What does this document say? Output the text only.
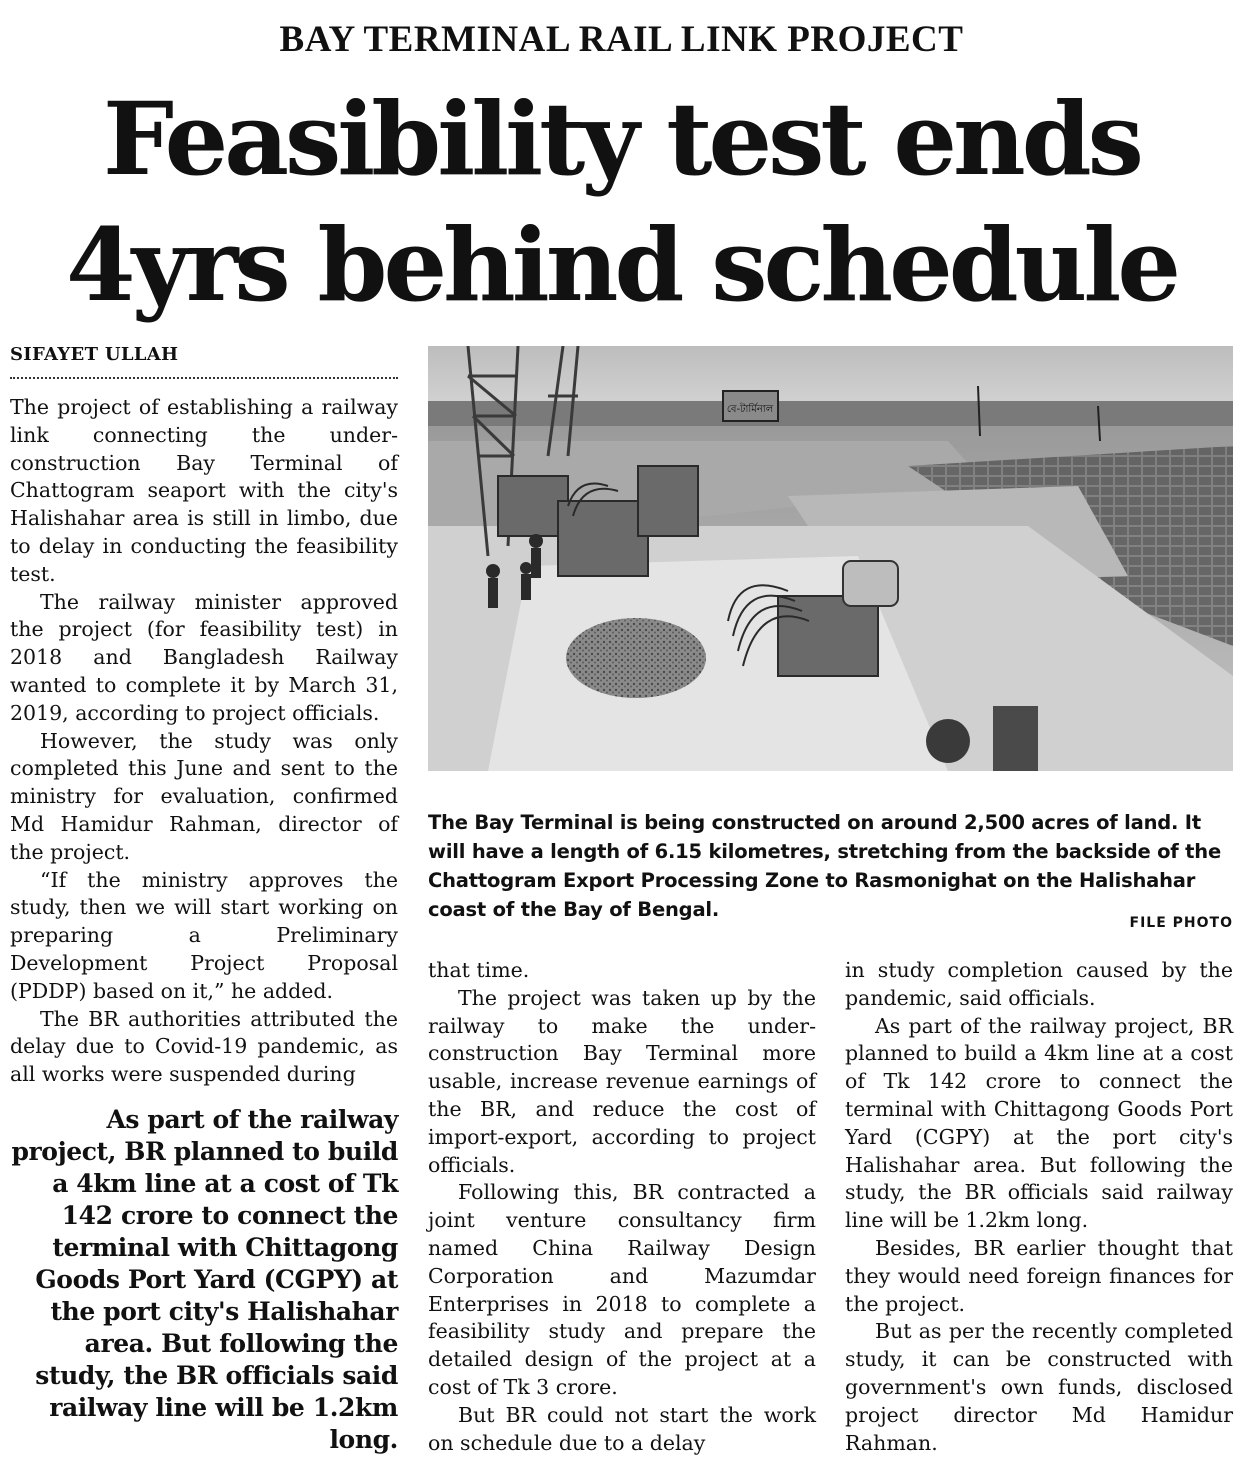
BAY TERMINAL RAIL LINK PROJECT
Feasibility test ends
4yrs behind schedule
SIFAYET ULLAH

The project of establishing a railway link connecting the under-construction Bay Terminal of Chattogram seaport with the city's Halishahar area is still in limbo, due to delay in conducting the feasibility test.

The railway minister approved the project (for feasibility test) in 2018 and Bangladesh Railway wanted to complete it by March 31, 2019, according to project officials.

However, the study was only completed this June and sent to the ministry for evaluation, confirmed Md Hamidur Rahman, director of the project.

“If the ministry approves the study, then we will start working on preparing a Preliminary Development Project Proposal (PDDP) based on it,” he added.

The BR authorities attributed the delay due to Covid-19 pandemic, as all works were suspended during

As part of the railway project, BR planned to build a 4km line at a cost of Tk 142 crore to connect the terminal with Chittagong Goods Port Yard (CGPY) at the port city's Halishahar area. But following the study, the BR officials said railway line will be 1.2km long.
বে-টার্মিনাল
The Bay Terminal is being constructed on around 2,500 acres of land. It will have a length of 6.15 kilometres, stretching from the backside of the Chattogram Export Processing Zone to Rasmonighat on the Halishahar coast of the Bay of Bengal.
FILE PHOTO

that time.

The project was taken up by the railway to make the under-construction Bay Terminal more usable, increase revenue earnings of the BR, and reduce the cost of import-export, according to project officials.

Following this, BR contracted a joint venture consultancy firm named China Railway Design Corporation and Mazumdar Enterprises in 2018 to complete a feasibility study and prepare the detailed design of the project at a cost of Tk 3 crore.

But BR could not start the work on schedule due to a delay

in study completion caused by the pandemic, said officials.

As part of the railway project, BR planned to build a 4km line at a cost of Tk 142 crore to connect the terminal with Chittagong Goods Port Yard (CGPY) at the port city's Halishahar area. But following the study, the BR officials said railway line will be 1.2km long.

Besides, BR earlier thought that they would need foreign finances for the project.

But as per the recently completed study, it can be constructed with government's own funds, disclosed project director Md Hamidur Rahman.
